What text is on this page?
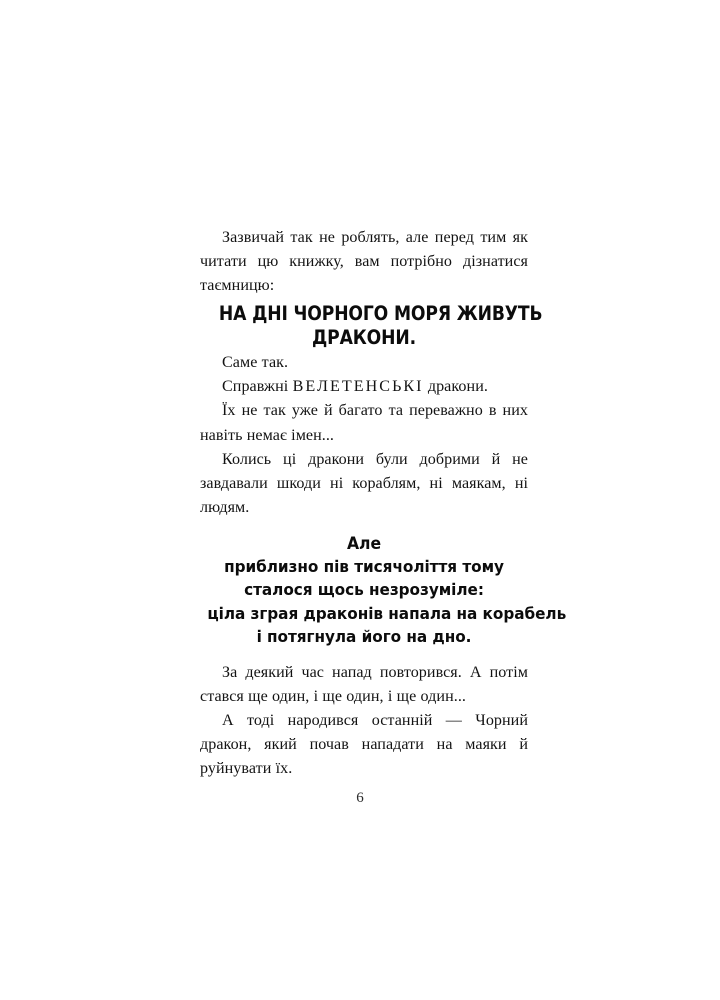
Зазвичай так не роблять, але перед тим як читати цю книжку, вам потрібно дізнатися таємницю:

НА ДНІ ЧОРНОГО МОРЯ ЖИВУТЬ
ДРАКОНИ.

Саме так.

Справжні ВЕЛЕТЕНСЬКІ дракони.

Їх не так уже й багато та переважно в них навіть немає імен...

Колись ці дракони були добрими й не завдавали шкоди ні кораблям, ні маякам, ні людям.

Але
приблизно пів тисячоліття тому
сталося щось незрозуміле:
ціла зграя драконів напала на корабель
і потягнула його на дно.

За деякий час напад повторився. А потім стався ще один, і ще один, і ще один...

А тоді народився останній — Чорний дракон, який почав нападати на маяки й руйнувати їх.

6
